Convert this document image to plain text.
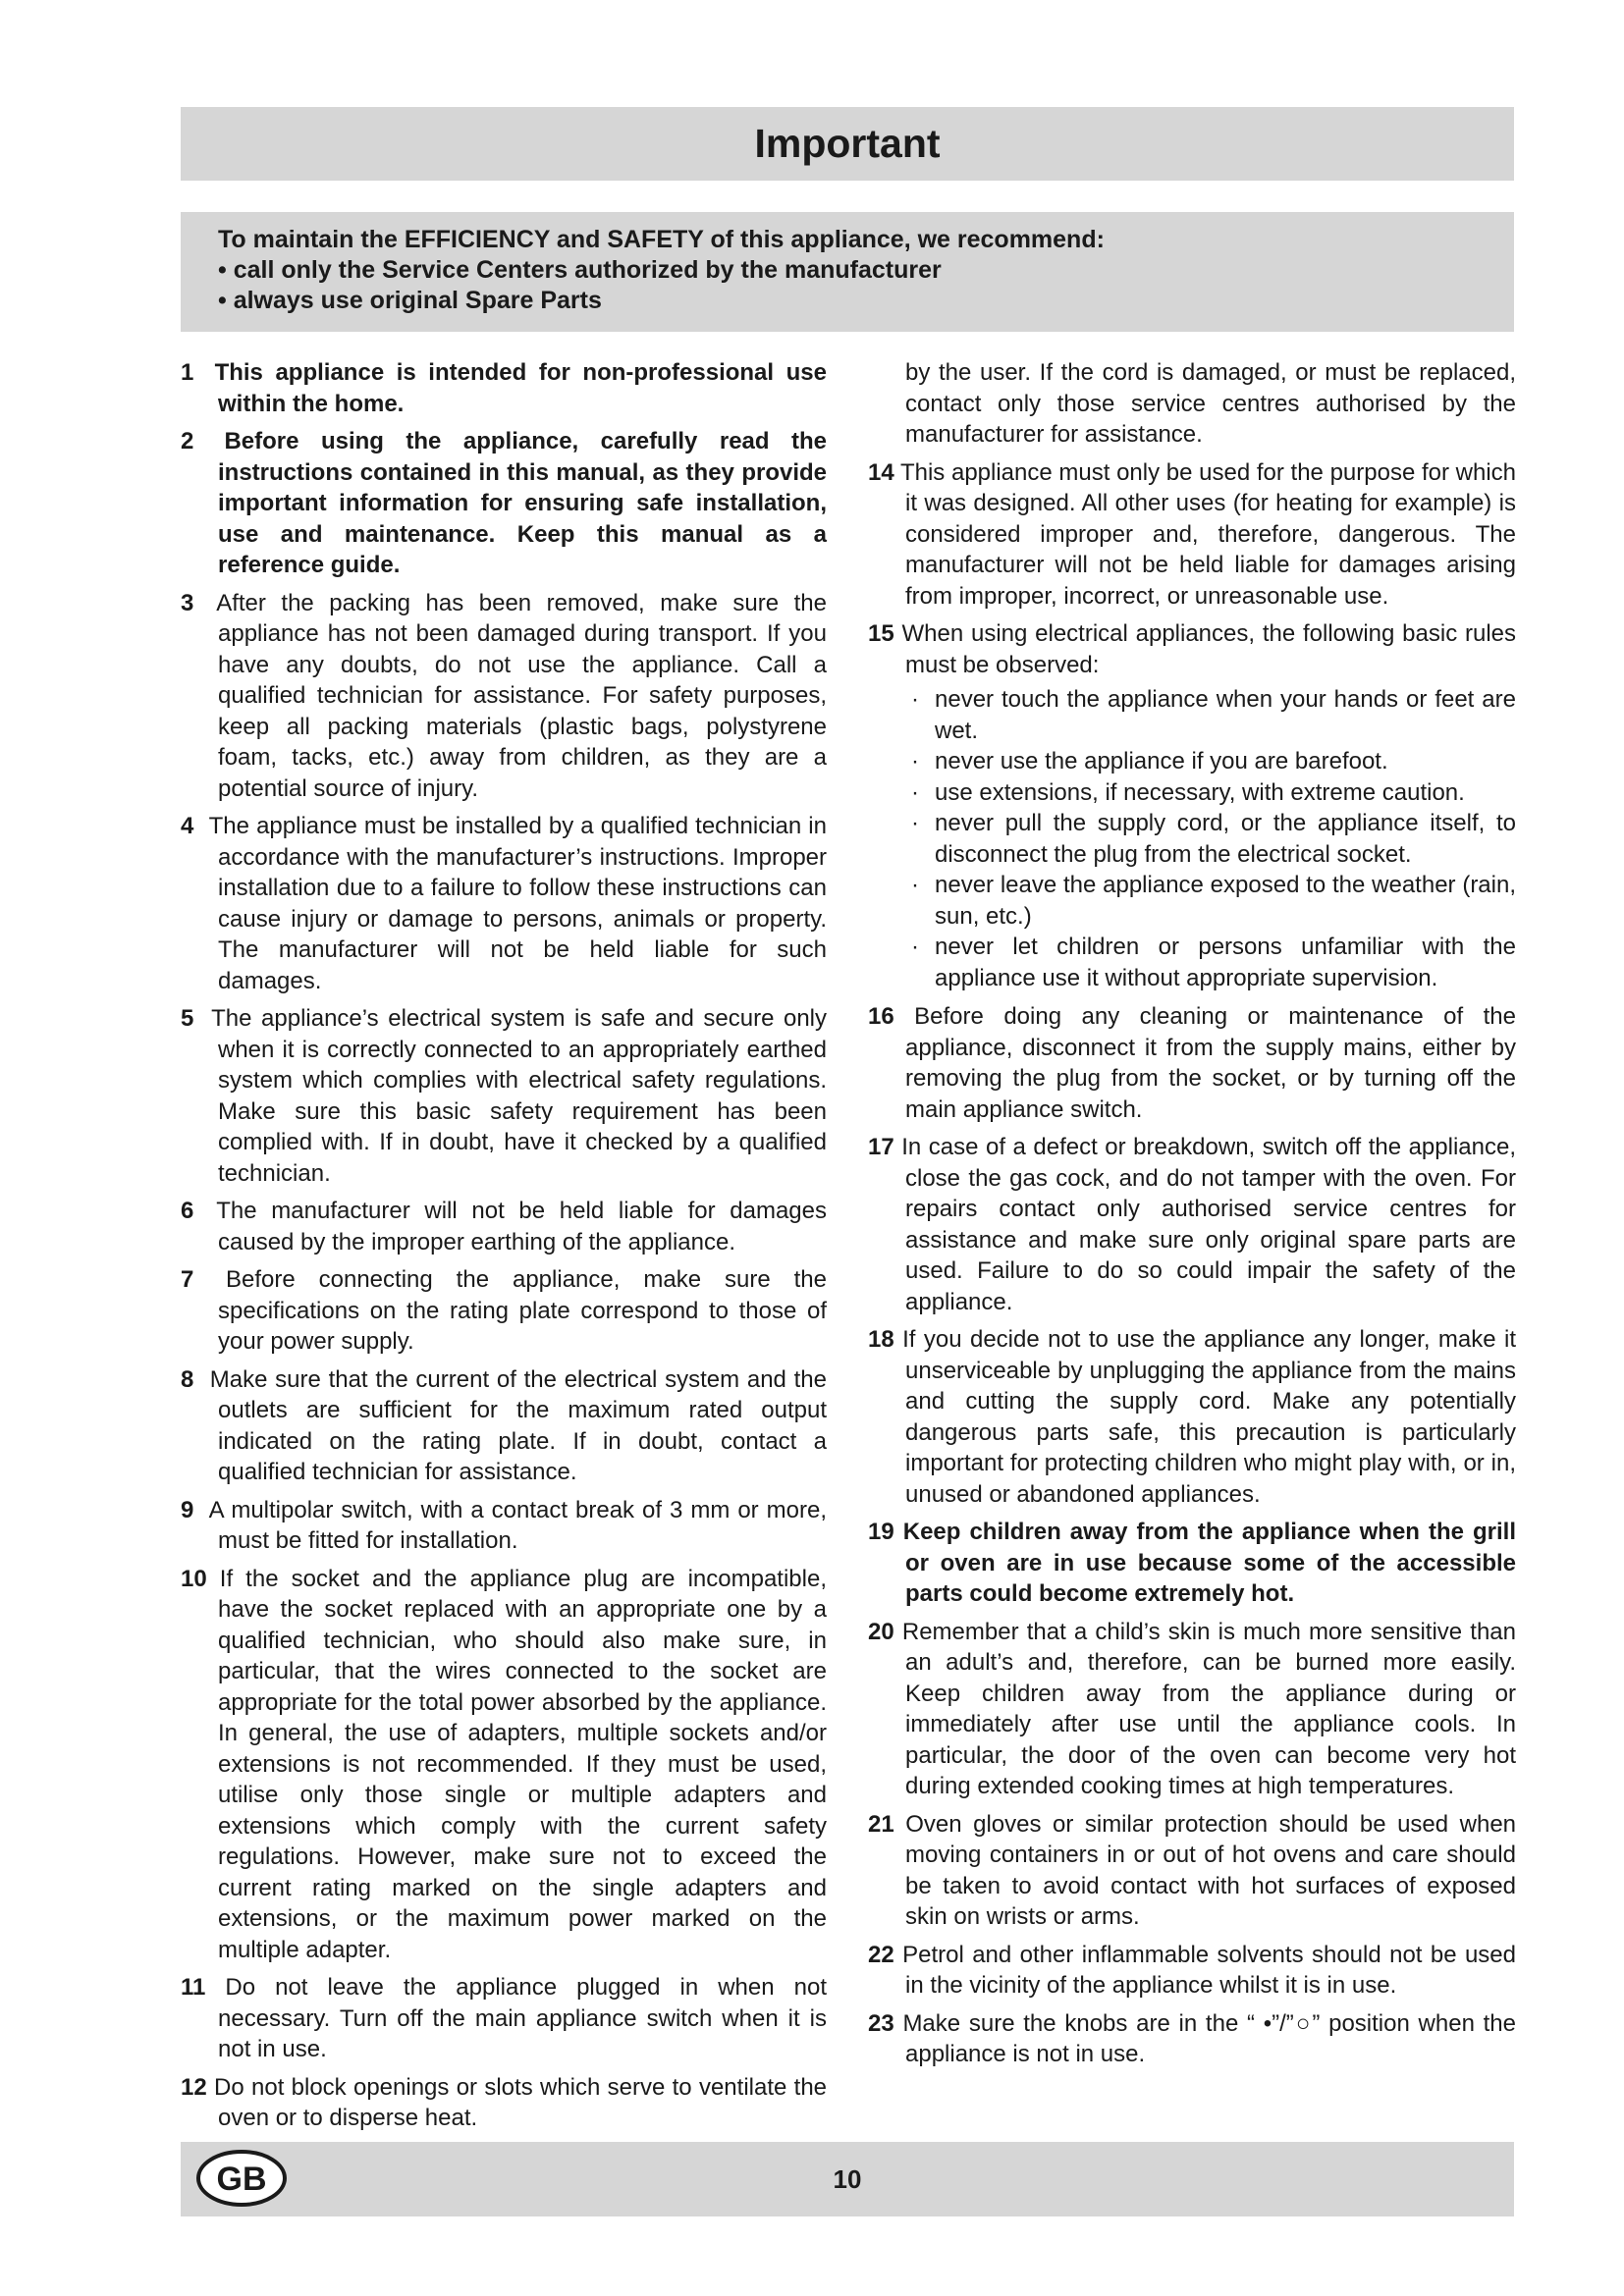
Important
To maintain the EFFICIENCY and SAFETY of this appliance, we recommend:
• call only the Service Centers authorized by the manufacturer
• always use original Spare Parts

1 This appliance is intended for non-professional use within the home.

2 Before using the appliance, carefully read the instructions contained in this manual, as they provide important information for ensuring safe installation, use and maintenance. Keep this manual as a reference guide.

3 After the packing has been removed, make sure the appliance has not been damaged during transport. If you have any doubts, do not use the appliance. Call a qualified technician for assistance. For safety purposes, keep all packing materials (plastic bags, polystyrene foam, tacks, etc.) away from children, as they are a potential source of injury.

4 The appliance must be installed by a qualified technician in accordance with the manufacturer’s instructions. Improper installation due to a failure to follow these instructions can cause injury or damage to persons, animals or property. The manufacturer will not be held liable for such damages.

5 The appliance’s electrical system is safe and secure only when it is correctly connected to an appropriately earthed system which complies with electrical safety regulations. Make sure this basic safety requirement has been complied with. If in doubt, have it checked by a qualified technician.

6 The manufacturer will not be held liable for damages caused by the improper earthing of the appliance.

7 Before connecting the appliance, make sure the specifications on the rating plate correspond to those of your power supply.

8 Make sure that the current of the electrical system and the outlets are sufficient for the maximum rated output indicated on the rating plate. If in doubt, contact a qualified technician for assistance.

9 A multipolar switch, with a contact break of 3 mm or more, must be fitted for installation.

10 If the socket and the appliance plug are incompatible, have the socket replaced with an appropriate one by a qualified technician, who should also make sure, in particular, that the wires connected to the socket are appropriate for the total power absorbed by the appliance. In general, the use of adapters, multiple sockets and/or extensions is not recommended. If they must be used, utilise only those single or multiple adapters and extensions which comply with the current safety regulations. However, make sure not to exceed the current rating marked on the single adapters and extensions, or the maximum power marked on the multiple adapter.

11 Do not leave the appliance plugged in when not necessary. Turn off the main appliance switch when it is not in use.

12 Do not block openings or slots which serve to ventilate the oven or to disperse heat.

by the user. If the cord is damaged, or must be replaced, contact only those service centres authorised by the manufacturer for assistance.

14 This appliance must only be used for the purpose for which it was designed. All other uses (for heating for example) is considered improper and, therefore, dangerous. The manufacturer will not be held liable for damages arising from improper, incorrect, or unreasonable use.

15 When using electrical appliances, the following basic rules must be observed:

· never touch the appliance when your hands or feet are wet.
· never use the appliance if you are barefoot.
· use extensions, if necessary, with extreme caution.
· never pull the supply cord, or the appliance itself, to disconnect the plug from the electrical socket.
· never leave the appliance exposed to the weather (rain, sun, etc.)
· never let children or persons unfamiliar with the appliance use it without appropriate supervision.

16 Before doing any cleaning or maintenance of the appliance, disconnect it from the supply mains, either by removing the plug from the socket, or by turning off the main appliance switch.

17 In case of a defect or breakdown, switch off the appliance, close the gas cock, and do not tamper with the oven. For repairs contact only authorised service centres for assistance and make sure only original spare parts are used. Failure to do so could impair the safety of the appliance.

18 If you decide not to use the appliance any longer, make it unserviceable by unplugging the appliance from the mains and cutting the supply cord. Make any potentially dangerous parts safe, this precaution is particularly important for protecting children who might play with, or in, unused or abandoned appliances.

19 Keep children away from the appliance when the grill or oven are in use because some of the accessible parts could become extremely hot.

20 Remember that a child’s skin is much more sensitive than an adult’s and, therefore, can be burned more easily. Keep children away from the appliance during or immediately after use until the appliance cools. In particular, the door of the oven can become very hot during extended cooking times at high temperatures.

21 Oven gloves or similar protection should be used when moving containers in or out of hot ovens and care should be taken to avoid contact with hot surfaces of exposed skin on wrists or arms.

22 Petrol and other inflammable solvents should not be used in the vicinity of the appliance whilst it is in use.

23 Make sure the knobs are in the “ •”/”○” position when the appliance is not in use.

GB	10
